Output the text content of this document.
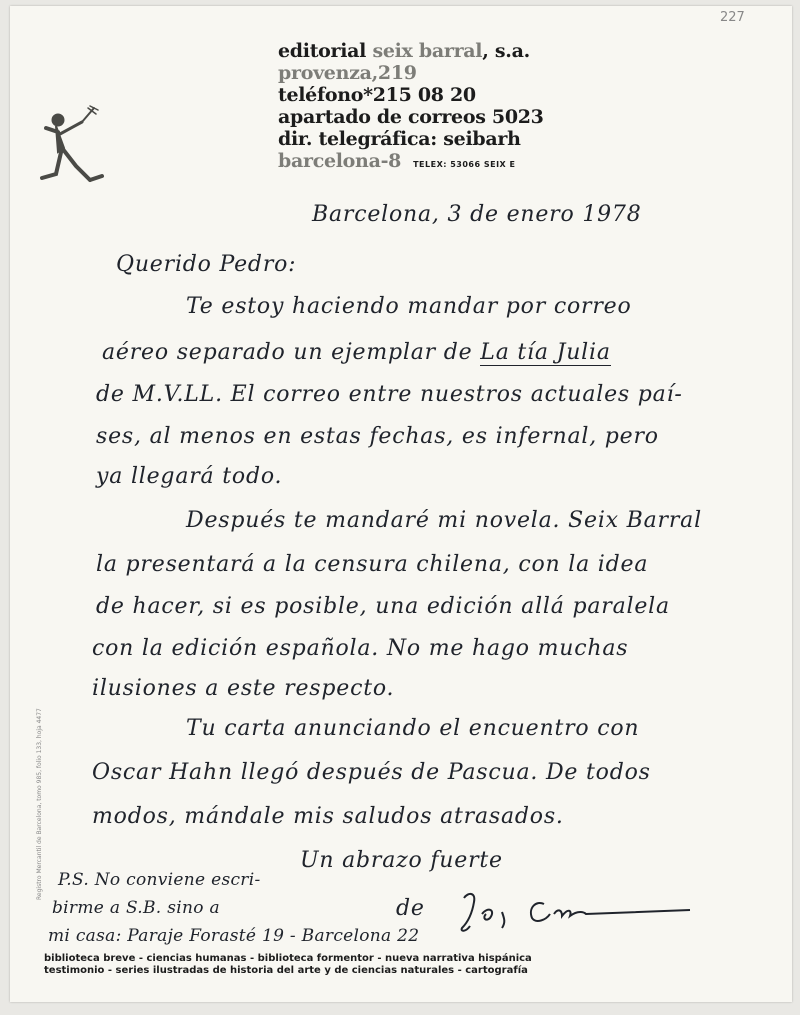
227
editorial seix barral, s.a.
provenza,219
teléfono*215 08 20
apartado de correos 5023
dir. telegráfica: seibarh
barcelona-8 TELEX: 53066 SEIX E
Barcelona, 3 de enero 1978
Querido Pedro:
Te estoy haciendo mandar por correo
aéreo separado un ejemplar de La tía Julia
de M.V.LL. El correo entre nuestros actuales paí-
ses, al menos en estas fechas, es infernal, pero
ya llegará todo.
Después te mandaré mi novela. Seix Barral
la presentará a la censura chilena, con la idea
de hacer, si es posible, una edición allá paralela
con la edición española. No me hago muchas
ilusiones a este respecto.
Tu carta anunciando el encuentro con
Oscar Hahn llegó después de Pascua. De todos
modos, mándale mis saludos atrasados.
Un abrazo fuerte
de
P.S. No conviene escri-
birme a S.B. sino a
mi casa: Paraje Forasté 19 - Barcelona 22
Registro Mercantil de Barcelona, tomo 985, folio 133, hoja 4477
biblioteca breve - ciencias humanas - biblioteca formentor - nueva narrativa hispánica
testimonio - series ilustradas de historia del arte y de ciencias naturales - cartografía
